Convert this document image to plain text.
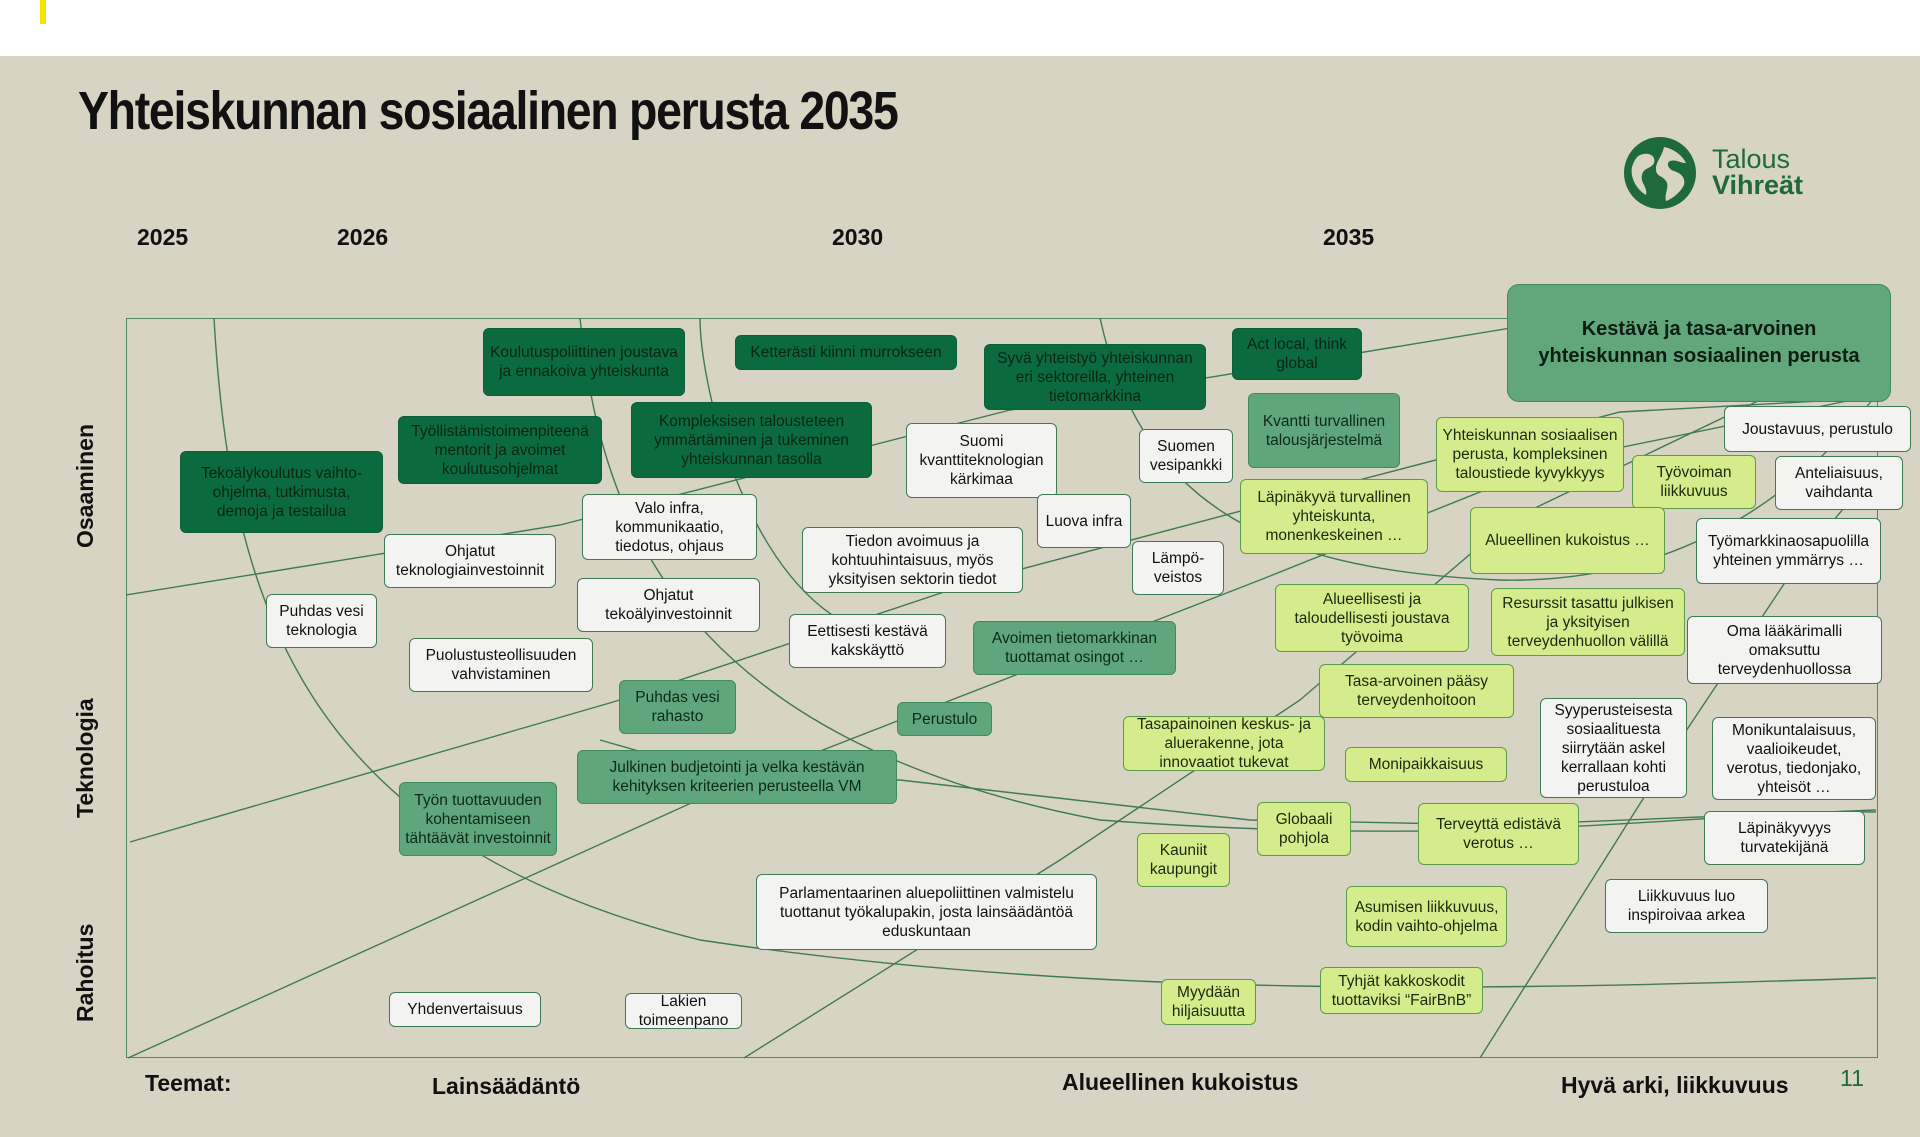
Yhteiskunnan sosiaalinen perusta 2035
Talous
Vihreät
2025	2026	2030	2035
Osaaminen
Teknologia
Rahoitus
Kestävä ja tasa-arvoinen yhteiskunnan sosiaalinen perusta
Koulutuspoliittinen joustava ja ennakoiva yhteiskunta
Ketterästi kiinni murrokseen	Syvä yhteistyö yhteiskunnan eri sektoreilla, yhteinen tietomarkkina
Act local, think global
Työllistämistoimenpiteenä mentorit ja avoimet koulutusohjelmat
Kompleksisen talousteteen ymmärtäminen ja tukeminen yhteiskunnan tasolla
Kvantti turvallinen talousjärjestelmä
Tekoälykoulutus vaihto-ohjelma, tutkimusta, demoja ja testailua
Suomi kvanttiteknologian kärkimaa
Suomen vesipankki
Yhteiskunnan sosiaalisen perusta, kompleksinen taloustiede kyvykkyys
Joustavuus, perustulo
Valo infra, kommunikaatio, tiedotus, ohjaus
Luova infra
Läpinäkyvä turvallinen yhteiskunta, monenkeskeinen …
Työvoiman liikkuvuus
Anteliaisuus, vaihdanta
Ohjatut teknologiainvestoinnit
Tiedon avoimuus ja kohtuuhintaisuus, myös yksityisen sektorin tiedot
Lämpö-veistos
Alueellinen kukoistus …	Työmarkkinaosapuolilla yhteinen ymmärrys …
Puhdas vesi teknologia
Ohjatut tekoälyinvestoinnit
Alueellisesti ja taloudellisesti joustava työvoima
Resurssit tasattu julkisen ja yksityisen terveydenhuollon välillä
Oma lääkärimalli omaksuttu terveydenhuollossa
Eettisesti kestävä kakskäyttö
Avoimen tietomarkkinan tuottamat osingot …
Puolustusteollisuuden vahvistaminen
Puhdas vesi rahasto
Tasa-arvoinen pääsy terveydenhoitoon
Perustulo
Syyperusteisesta sosiaalituesta siirrytään askel kerrallaan kohti perustuloa
Tasapainoinen keskus- ja aluerakenne, jota innovaatiot tukevat	Monipaikkaisuus
Monikuntalaisuus, vaalioikeudet, verotus, tiedonjako, yhteisöt …
Julkinen budjetointi ja velka kestävän kehityksen kriteerien perusteella VM
Työn tuottavuuden kohentamiseen tähtäävät investoinnit
Globaali pohjola
Terveyttä edistävä verotus …
Läpinäkyvyys turvatekijänä
Kauniit kaupungit
Parlamentaarinen aluepoliittinen valmistelu tuottanut työkalupakin, josta lainsäädäntöä eduskuntaan
Asumisen liikkuvuus, kodin vaihto-ohjelma
Liikkuvuus luo inspiroivaa arkea
Myydään hiljaisuutta
Tyhjät kakkoskodit tuottaviksi “FairBnB”
Yhdenvertaisuus	Lakien toimeenpano
Teemat:	Lainsäädäntö	Alueellinen kukoistus	Hyvä arki, liikkuvuus 11
